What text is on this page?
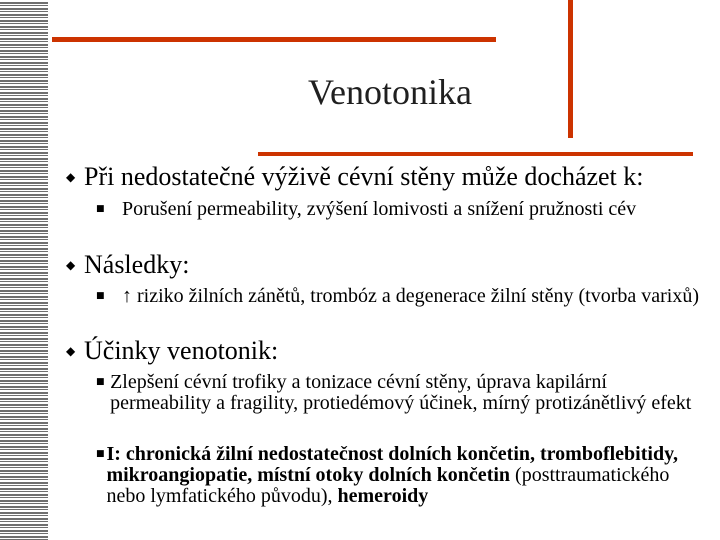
Venotonika
◆ Při nedostatečné výživě cévní stěny může docházet k:
■ Porušení permeability, zvýšení lomivosti a snížení pružnosti cév
◆ Následky:
■ ↑ riziko žilních zánětů, trombóz a degenerace žilní stěny (tvorba varixů)
◆ Účinky venotonik:
■ Zlepšení cévní trofiky a tonizace cévní stěny, úprava kapilární permeability a fragility, protiedémový účinek, mírný protizánětlivý efekt
■ I: chronická žilní nedostatečnost dolních končetin, tromboflebitidy, mikroangiopatie, místní otoky dolních končetin (posttraumatického nebo lymfatického původu), hemeroidy
